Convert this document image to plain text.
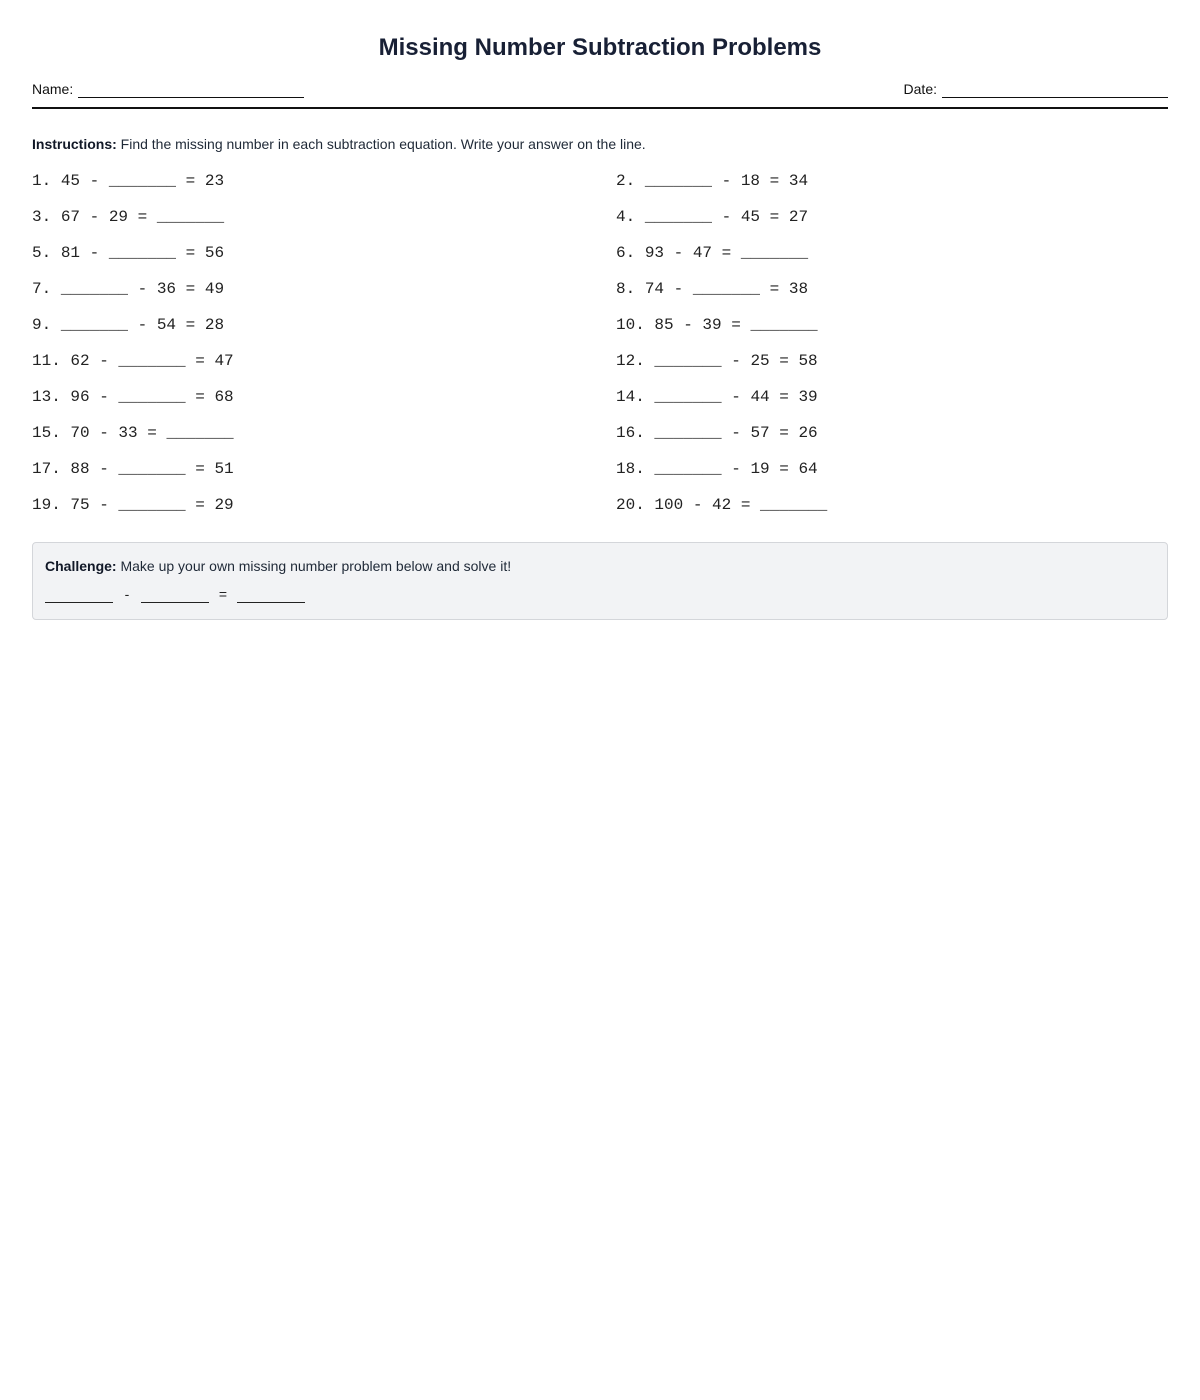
Missing Number Subtraction Problems
Name:	Date:
Instructions: Find the missing number in each subtraction equation. Write your answer on the line.
1. 45 - _______ = 23	2. _______ - 18 = 34
3. 67 - 29 = _______	4. _______ - 45 = 27
5. 81 - _______ = 56	6. 93 - 47 = _______
7. _______ - 36 = 49	8. 74 - _______ = 38
9. _______ - 54 = 28	10. 85 - 39 = _______
11. 62 - _______ = 47	12. _______ - 25 = 58
13. 96 - _______ = 68	14. _______ - 44 = 39
15. 70 - 33 = _______	16. _______ - 57 = 26
17. 88 - _______ = 51	18. _______ - 19 = 64
19. 75 - _______ = 29	20. 100 - 42 = _______
Challenge: Make up your own missing number problem below and solve it!
-	=
